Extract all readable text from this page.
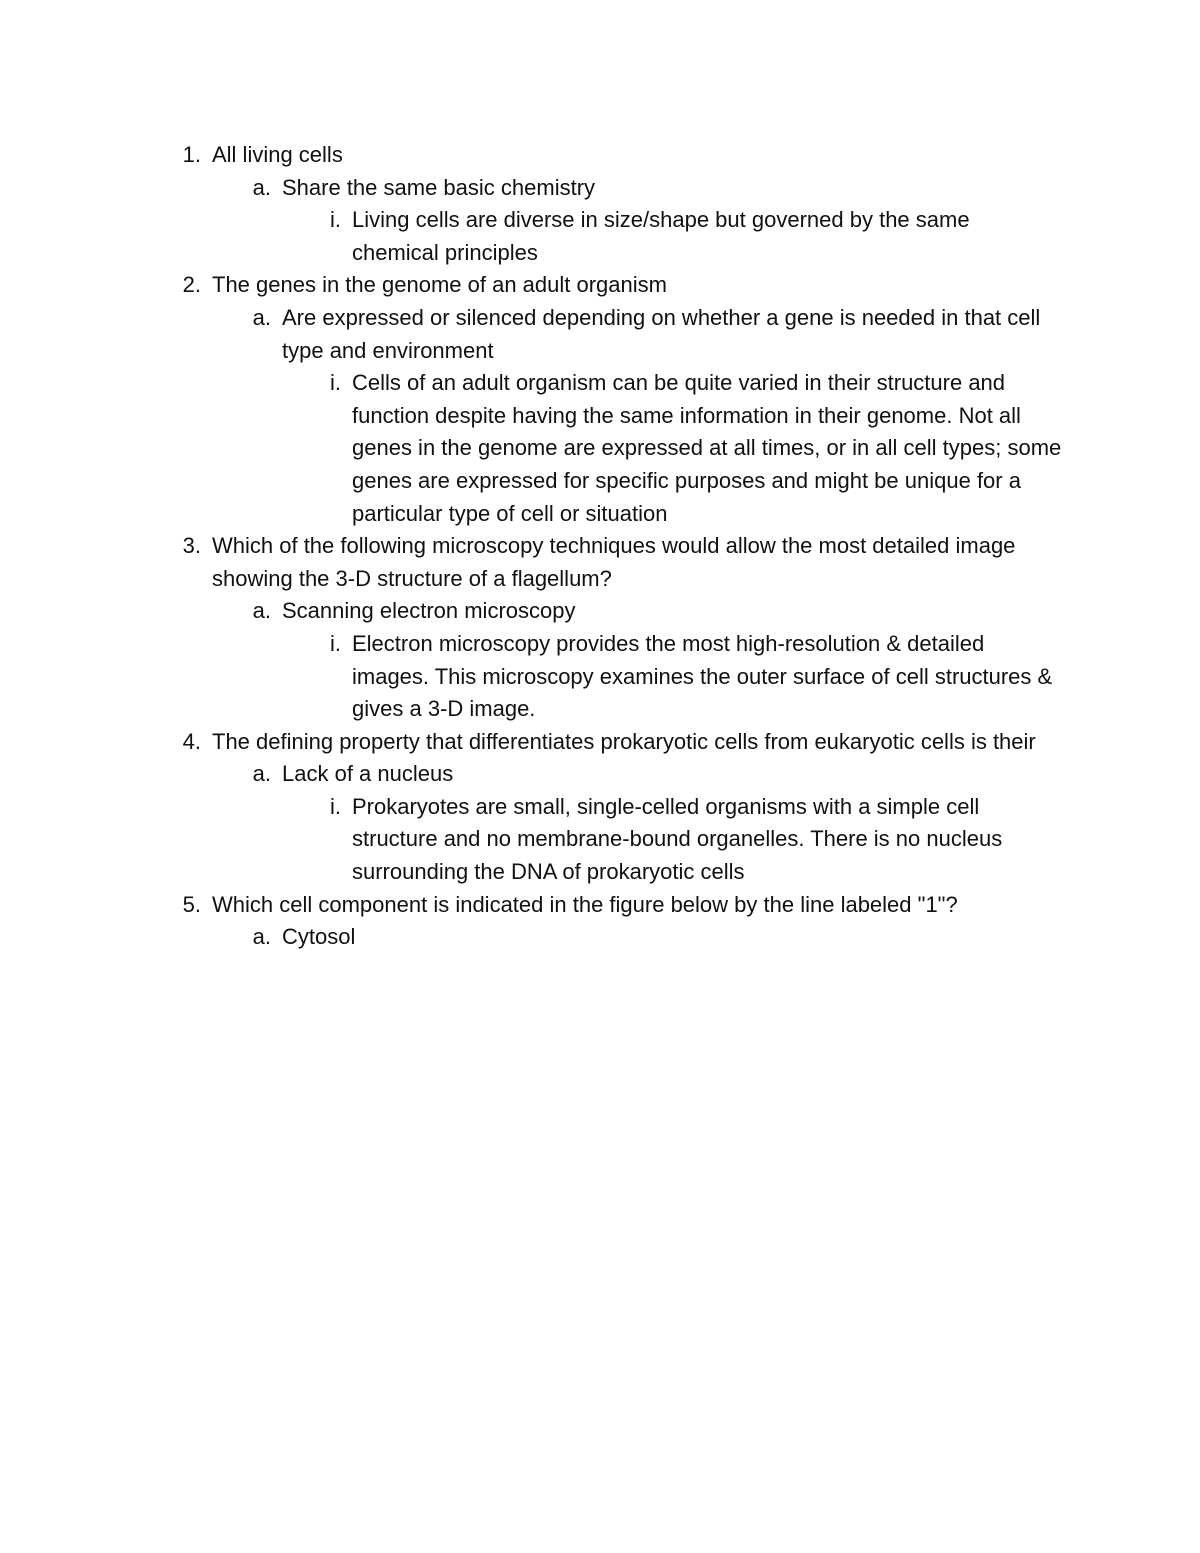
1. All living cells
a. Share the same basic chemistry
i. Living cells are diverse in size/shape but governed by the same chemical principles
2. The genes in the genome of an adult organism
a. Are expressed or silenced depending on whether a gene is needed in that cell type and environment
i. Cells of an adult organism can be quite varied in their structure and function despite having the same information in their genome. Not all genes in the genome are expressed at all times, or in all cell types; some genes are expressed for specific purposes and might be unique for a particular type of cell or situation
3. Which of the following microscopy techniques would allow the most detailed image showing the 3-D structure of a flagellum?
a. Scanning electron microscopy
i. Electron microscopy provides the most high-resolution & detailed images. This microscopy examines the outer surface of cell structures & gives a 3-D image.
4. The defining property that differentiates prokaryotic cells from eukaryotic cells is their
a. Lack of a nucleus
i. Prokaryotes are small, single-celled organisms with a simple cell structure and no membrane-bound organelles. There is no nucleus surrounding the DNA of prokaryotic cells
5. Which cell component is indicated in the figure below by the line labeled "1"?
a. Cytosol
